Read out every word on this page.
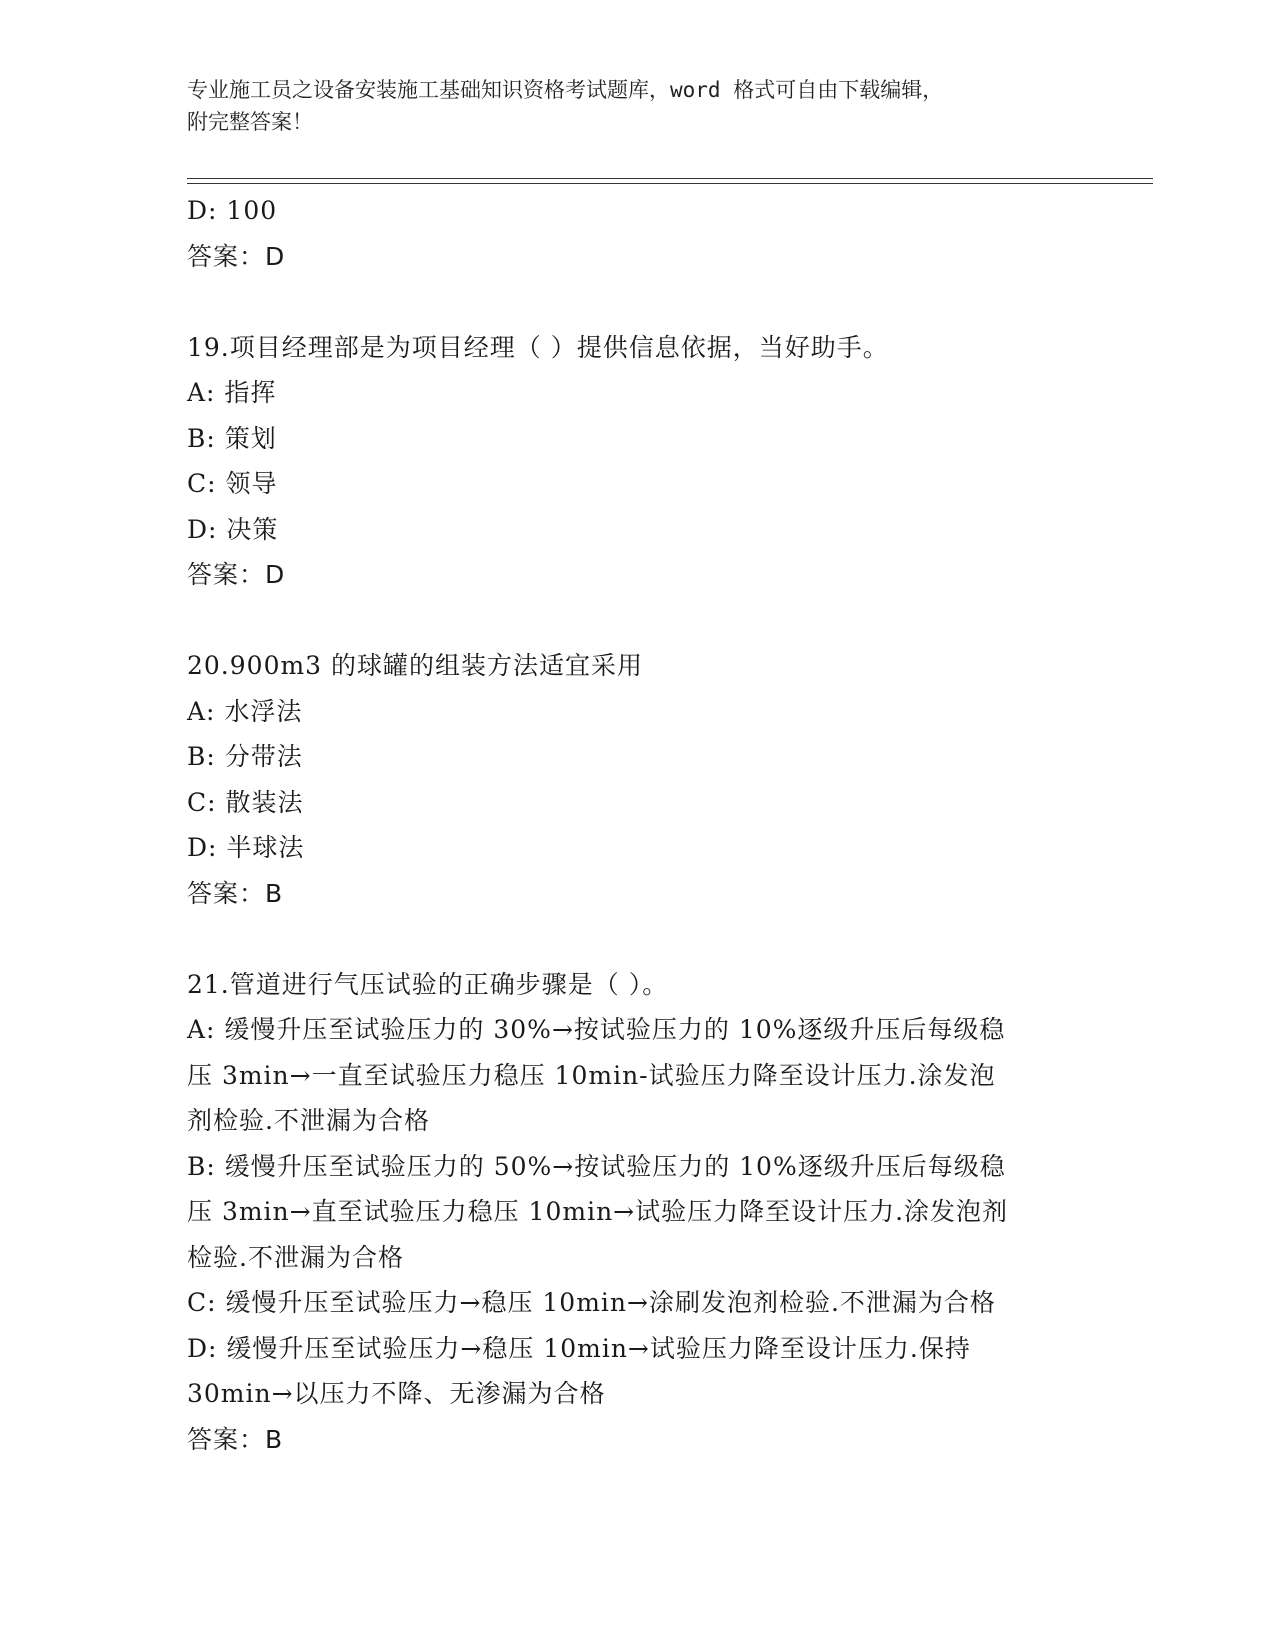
专业施工员之设备安装施工基础知识资格考试题库，word 格式可自由下载编辑，
附完整答案！
D: 100
答案：D
19.项目经理部是为项目经理（ ）提供信息依据，当好助手。
A: 指挥
B: 策划
C: 领导
D: 决策
答案：D
20.900m3 的球罐的组装方法适宜采用
A: 水浮法
B: 分带法
C: 散装法
D: 半球法
答案：B
21.管道进行气压试验的正确步骤是（ ）。
A: 缓慢升压至试验压力的 30%→按试验压力的 10%逐级升压后每级稳
压 3min→一直至试验压力稳压 10min-试验压力降至设计压力.涂发泡
剂检验.不泄漏为合格
B: 缓慢升压至试验压力的 50%→按试验压力的 10%逐级升压后每级稳
压 3min→直至试验压力稳压 10min→试验压力降至设计压力.涂发泡剂
检验.不泄漏为合格
C: 缓慢升压至试验压力→稳压 10min→涂刷发泡剂检验.不泄漏为合格
D: 缓慢升压至试验压力→稳压 10min→试验压力降至设计压力.保持
30min→以压力不降、无渗漏为合格
答案：B
